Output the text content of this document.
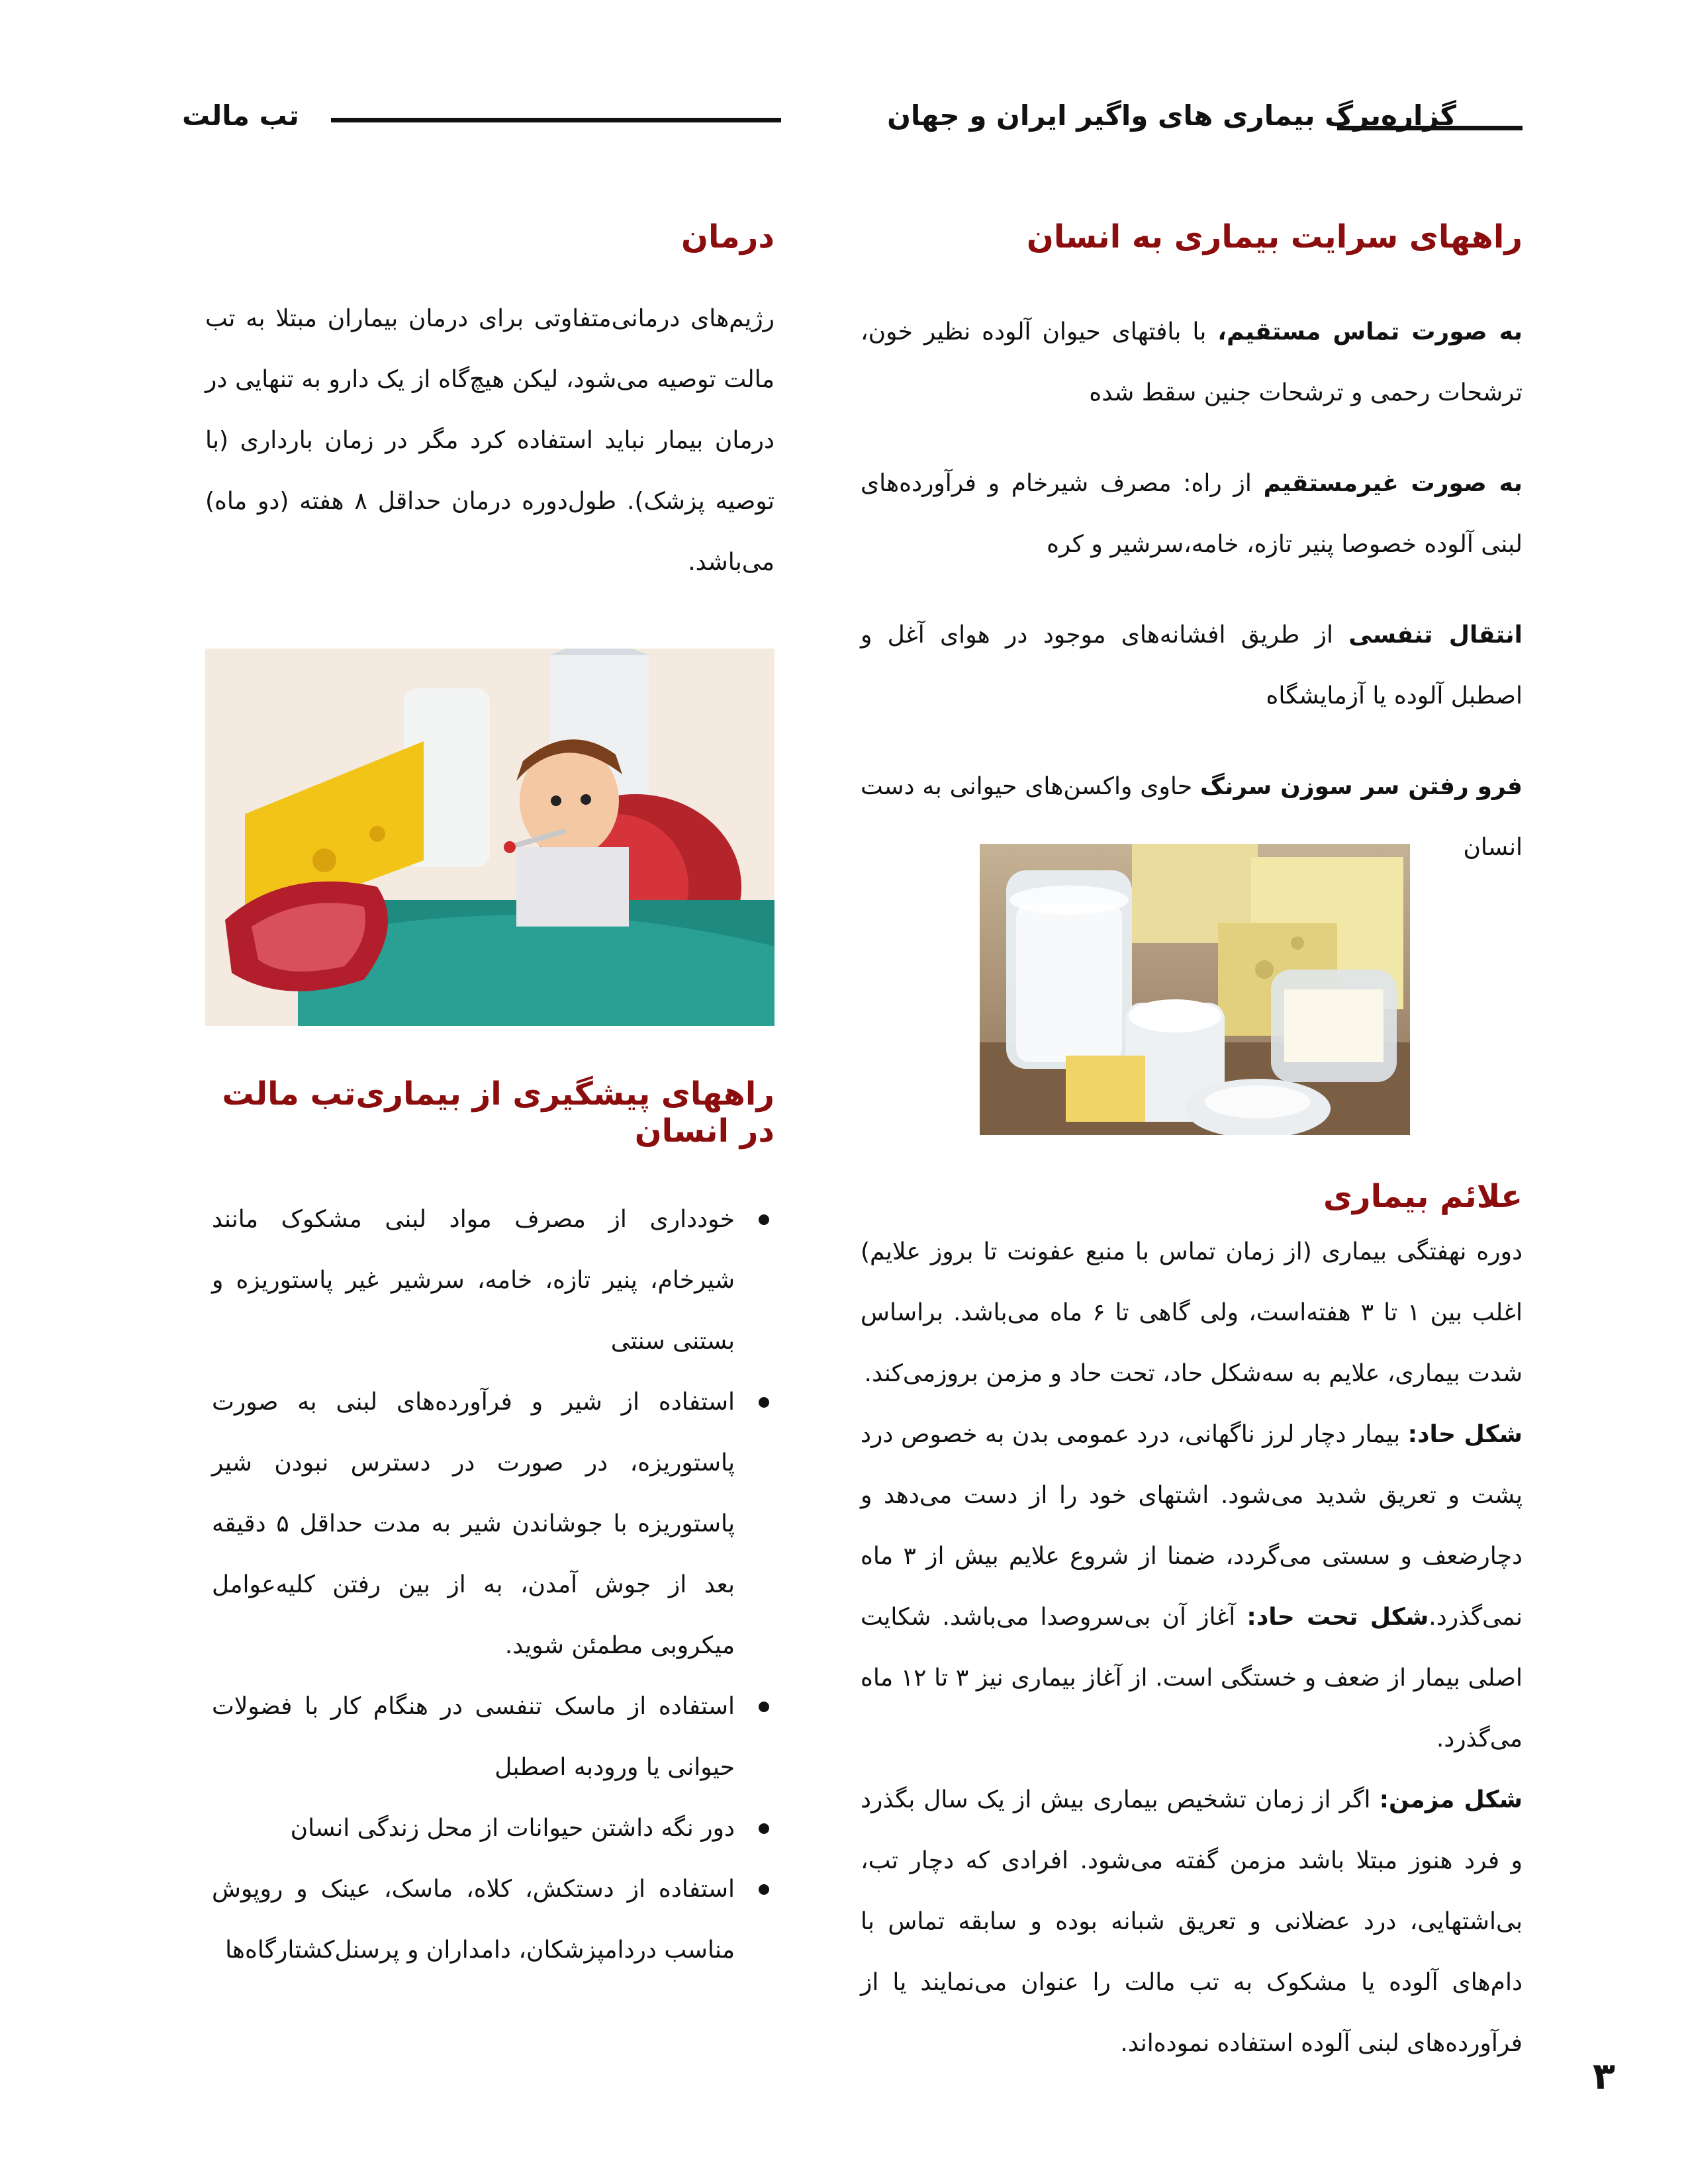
گزاره‌برگ بیماری های واگیر ایران و جهان
تب مالت
راههای سرایت بیماری به انسان

به صورت تماس مستقیم، با بافتهای حیوان آلوده نظیر خون، ترشحات رحمی و ترشحات جنین سقط شده

به صورت غیرمستقیم از راه: مصرف شیرخام و فرآورده‌های لبنی آلوده خصوصا پنیر تازه، خامه،سرشیر و کره

انتقال تنفسی از طریق افشانه‌های موجود در هوای آغل و اصطبل آلوده یا آزمایشگاه

فرو رفتن سر سوزن سرنگ حاوی واکسن‌های حیوانی به دست انسان

علائم بیماری

دوره نهفتگی بیماری (از زمان تماس با منبع عفونت تا بروز علایم) اغلب بین ۱ تا ۳ هفته‌است، ولی گاهی تا ۶ ماه می‌باشد. براساس شدت بیماری، علایم به سه‌شکل حاد، تحت حاد و مزمن بروزمی‌کند.

شکل حاد: بیمار دچار لرز ناگهانی، درد عمومی بدن به خصوص درد پشت و تعریق شدید می‌شود. اشتهای خود را از دست می‌دهد و دچارضعف و سستی می‌گردد، ضمنا از شروع علایم بیش از ۳ ماه نمی‌گذرد.شکل تحت حاد: آغاز آن بی‌سروصدا می‌باشد. شکایت اصلی بیمار از ضعف و خستگی است. از آغاز بیماری نیز ۳ تا ۱۲ ماه می‌گذرد.

شکل مزمن: اگر از زمان تشخیص بیماری بیش از یک سال بگذرد و فرد هنوز مبتلا باشد مزمن گفته می‌شود. افرادی که دچار تب، بی‌اشتهایی، درد عضلانی و تعریق شبانه بوده و سابقه تماس با دام‌های آلوده یا مشکوک به تب مالت را عنوان می‌نمایند یا از فرآورده‌های لبنی آلوده استفاده نموده‌اند.

درمان

رژیم‌های درمانی‌متفاوتی برای درمان بیماران مبتلا به تب مالت توصیه می‌شود، لیکن هیچ‌گاه از یک دارو به تنهایی در درمان بیمار نباید استفاده کرد مگر در زمان بارداری (با توصیه پزشک). طول‌دوره درمان حداقل ۸ هفته (دو ماه) می‌باشد.

راههای پیشگیری از بیماری‌تب مالت در انسان
خودداری از مصرف مواد لبنی مشکوک مانند شیرخام، پنیر تازه، خامه، سرشیر غیر پاستوریزه و بستنی سنتی
استفاده از شیر و فرآورده‌های لبنی به صورت پاستوریزه، در صورت در دسترس نبودن شیر پاستوریزه با جوشاندن شیر به مدت حداقل ۵ دقیقه بعد از جوش آمدن، به از بین رفتن کلیه‌عوامل میکروبی مطمئن شوید.
استفاده از ماسک تنفسی در هنگام کار با فضولات حیوانی یا ورودبه اصطبل
دور نگه داشتن حیوانات از محل زندگی انسان
استفاده از دستکش، کلاه، ماسک، عینک و روپوش مناسب دردامپزشکان، دامداران و پرسنل‌کشتارگاه‌ها
۳
